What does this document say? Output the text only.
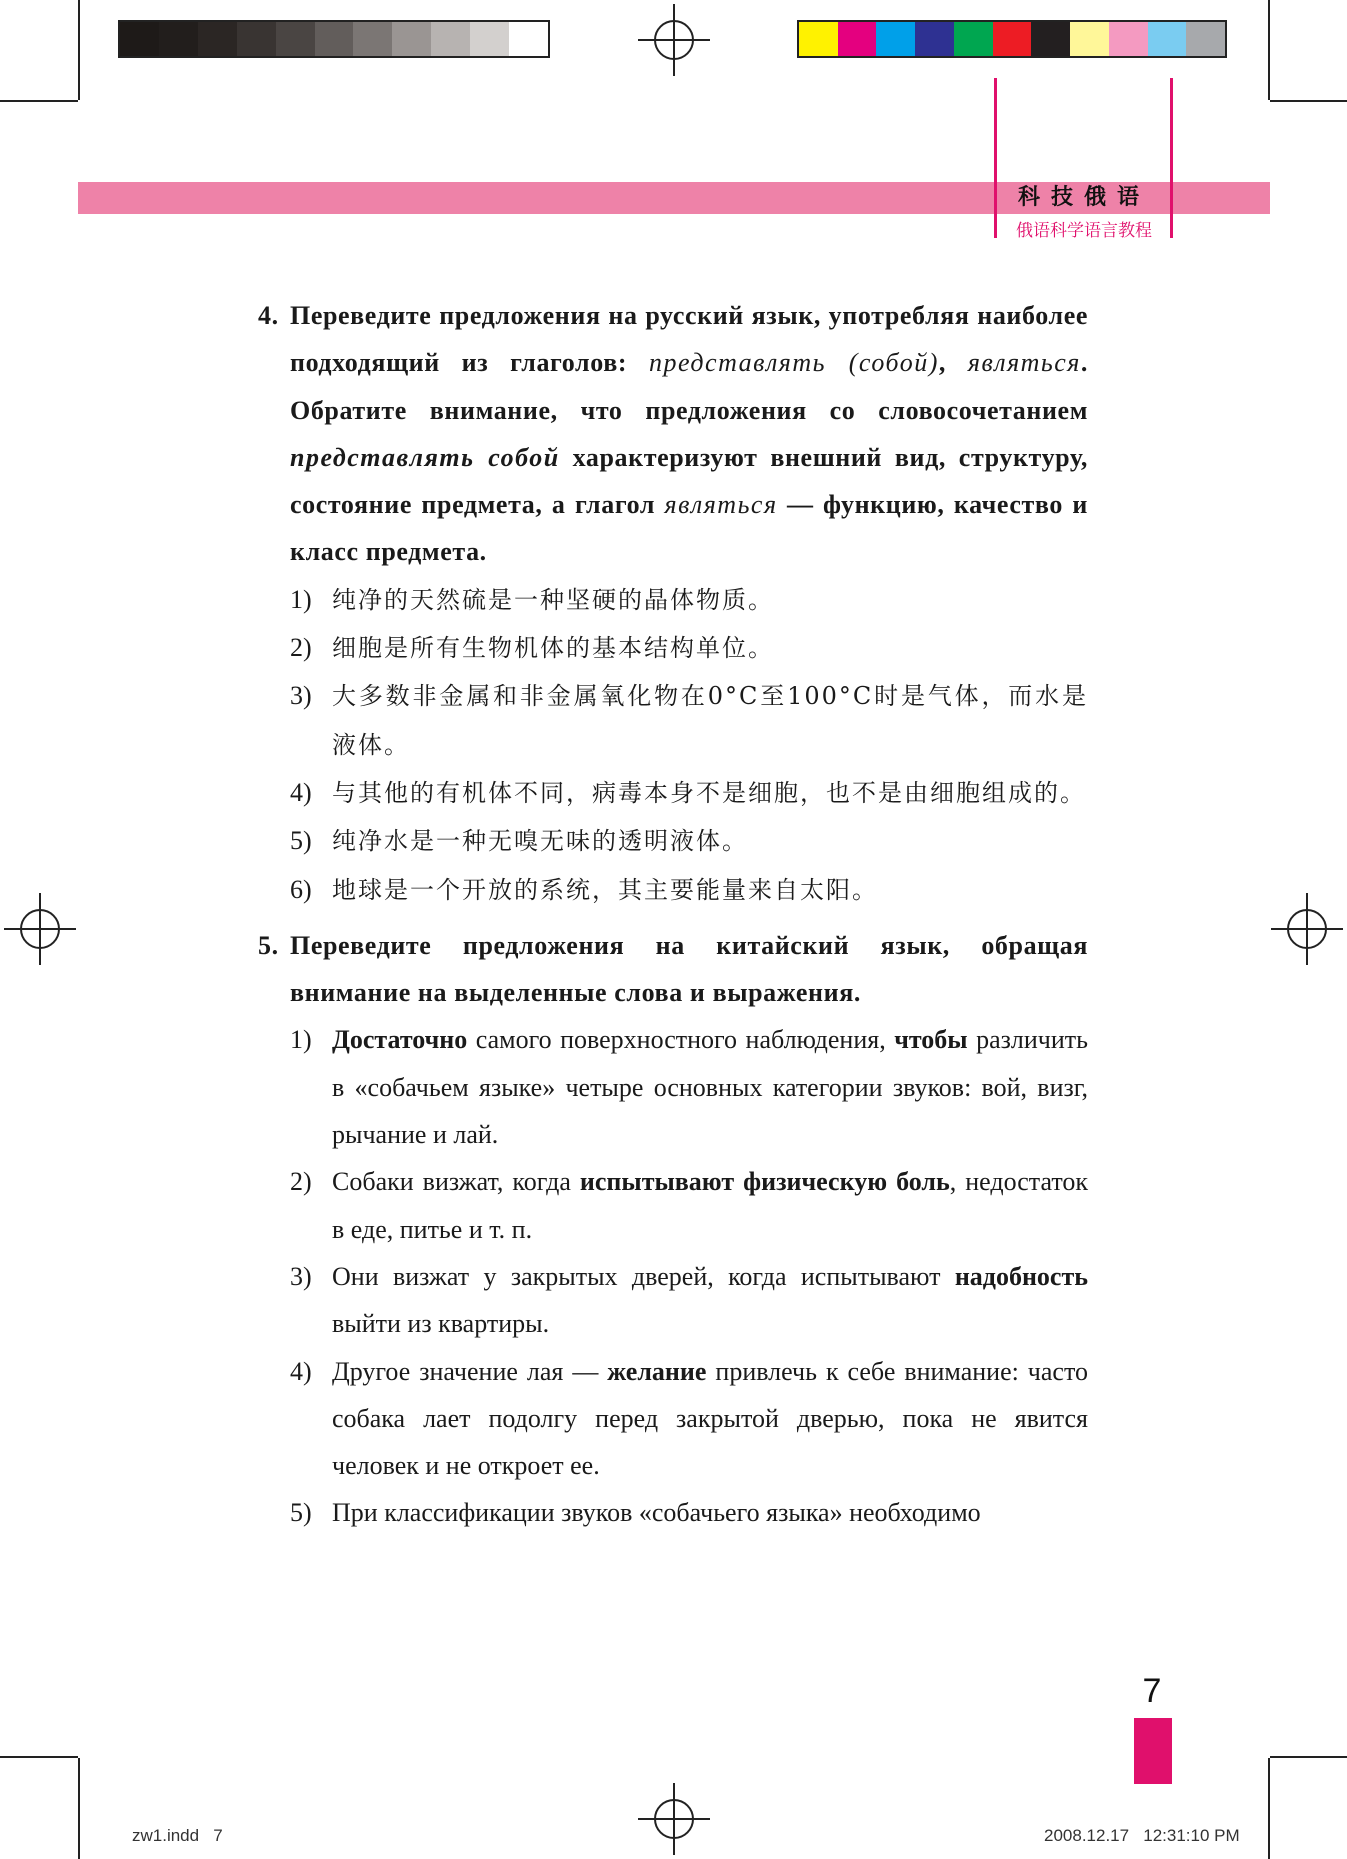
科技俄语
俄语科学语言教程
4. Переведите предложения на русский язык, употребляя наиболее подходящий из глаголов: представлять (собой), являться. Обратите внимание, что предложения со словосочетанием представлять собой характеризуют внешний вид, структуру, состояние предмета, а глагол являться — функцию, качество и класс предмета.
1) 纯净的天然硫是一种坚硬的晶体物质。
2) 细胞是所有生物机体的基本结构单位。
3) 大多数非金属和非金属氧化物在0°C至100°C时是气体，而水是液体。
4) 与其他的有机体不同，病毒本身不是细胞，也不是由细胞组成的。
5) 纯净水是一种无嗅无味的透明液体。
6) 地球是一个开放的系统，其主要能量来自太阳。
5. Переведите предложения на китайский язык, обращая внимание на выделенные слова и выражения.
1) Достаточно самого поверхностного наблюдения, чтобы различить в «собачьем языке» четыре основных категории звуков: вой, визг, рычание и лай.
2) Собаки визжат, когда испытывают физическую боль, недостаток в еде, питье и т. п.
3) Они визжат у закрытых дверей, когда испытывают надобность выйти из квартиры.
4) Другое значение лая — желание привлечь к себе внимание: часто собака лает подолгу перед закрытой дверью, пока не явится человек и не откроет ее.
5) При классификации звуков «собачьего языка» необходимо
7
zw1.indd   7	2008.12.17   12:31:10 PM
